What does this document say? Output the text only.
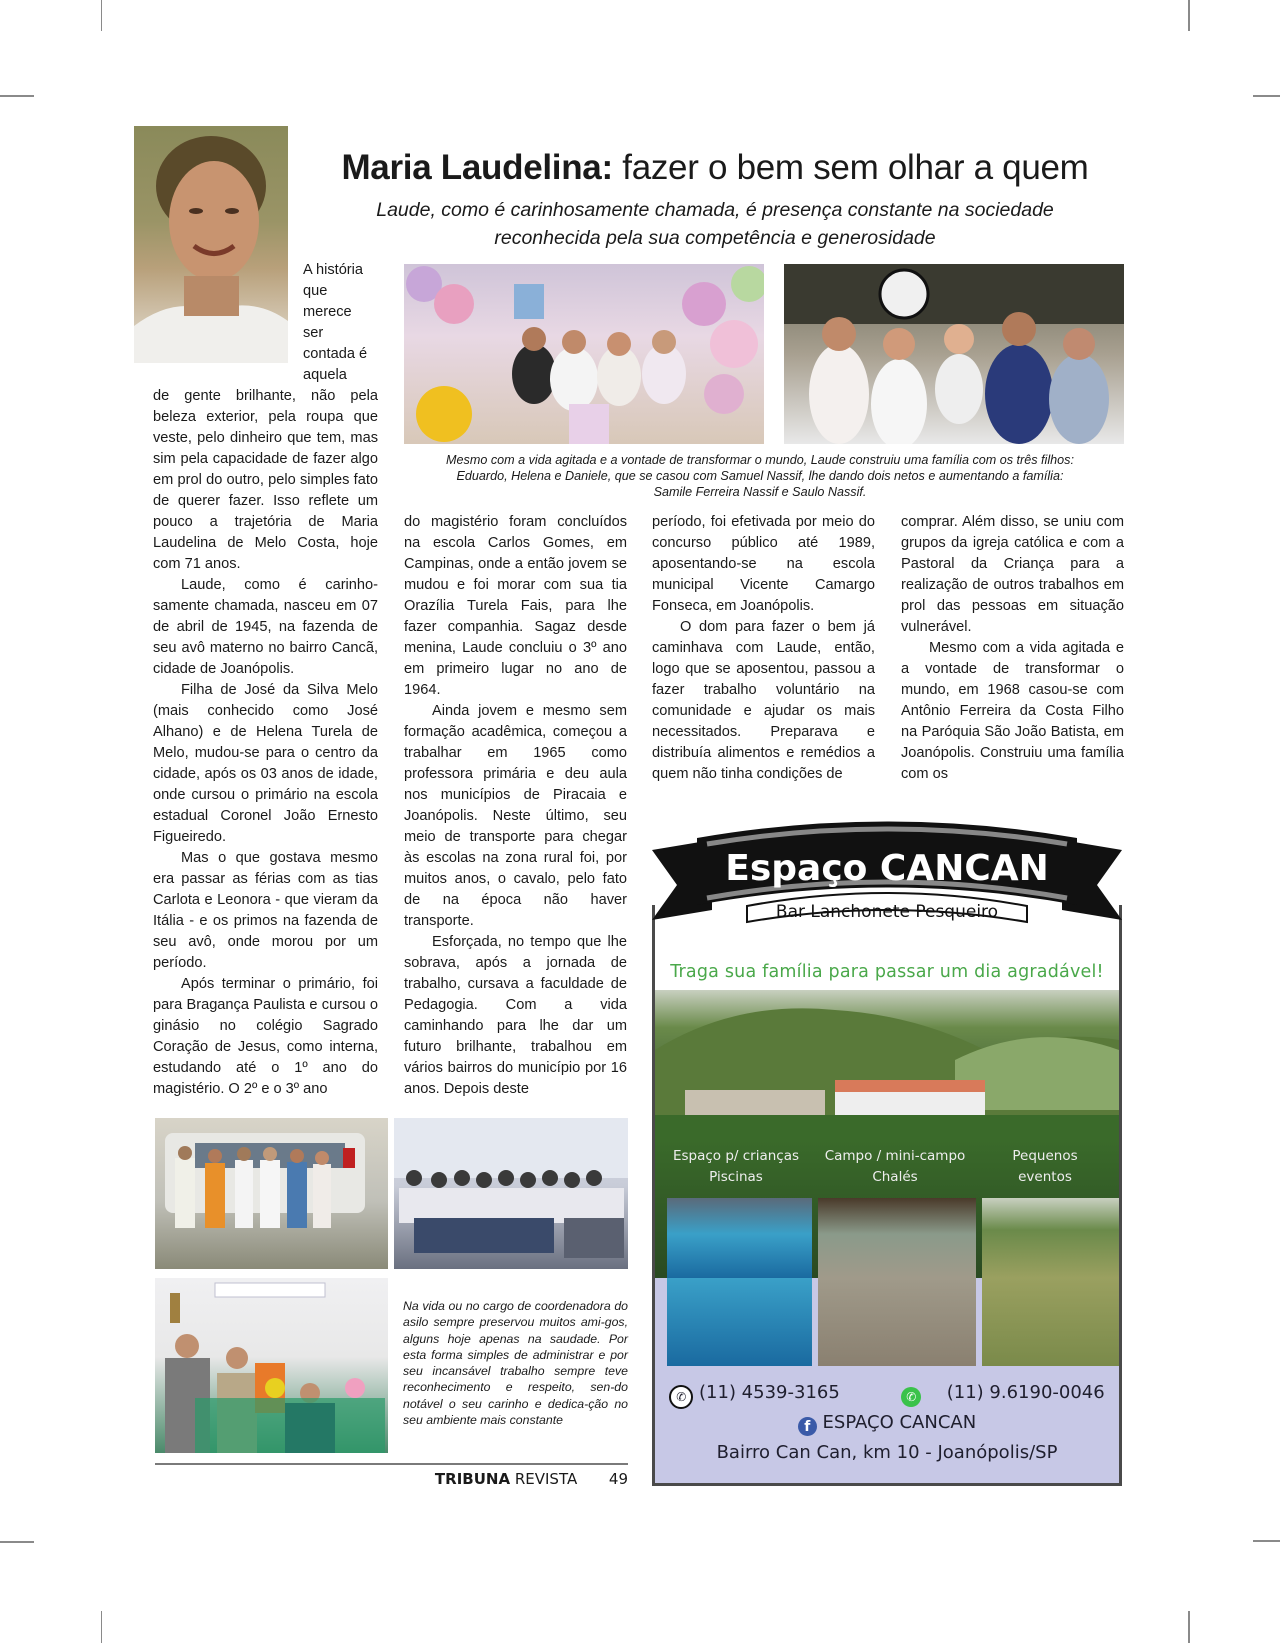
Maria Laudelina: fazer o bem sem olhar a quem
Laude, como é carinhosamente chamada, é presença constante na sociedade
reconhecida pela sua competência e generosidade
A história
que
merece
ser
contada é
aquela

de gente brilhante, não pela beleza exterior, pela roupa que veste, pelo dinheiro que tem, mas sim pela capacidade de fazer algo em prol do outro, pelo simples fato de querer fazer. Isso reflete um pouco a trajetória de Maria Laudelina de Melo Costa, hoje com 71 anos.

Laude, como é carinho-samente chamada, nasceu em 07 de abril de 1945, na fazenda de seu avô materno no bairro Cancã, cidade de Joanópolis.

Filha de José da Silva Melo (mais conhecido como José Alhano) e de Helena Turela de Melo, mudou-se para o centro da cidade, após os 03 anos de idade, onde cursou o primário na escola estadual Coronel João Ernesto Figueiredo.

Mas o que gostava mesmo era passar as férias com as tias Carlota e Leonora - que vieram da Itália - e os primos na fazenda de seu avô, onde morou por um período.

Após terminar o primário, foi para Bragança Paulista e cursou o ginásio no colégio Sagrado Coração de Jesus, como interna, estudando até o 1º ano do magistério. O 2º e o 3º ano

Mesmo com a vida agitada e a vontade de transformar o mundo, Laude construiu uma família com os três filhos:
Eduardo, Helena e Daniele, que se casou com Samuel Nassif, lhe dando dois netos e aumentando a família:
Samile Ferreira Nassif e Saulo Nassif.

do magistério foram concluídos na escola Carlos Gomes, em Campinas, onde a então jovem se mudou e foi morar com sua tia Orazília Turela Fais, para lhe fazer companhia. Sagaz desde menina, Laude concluiu o 3º ano em primeiro lugar no ano de 1964.

Ainda jovem e mesmo sem formação acadêmica, começou a trabalhar em 1965 como professora primária e deu aula nos municípios de Piracaia e Joanópolis. Neste último, seu meio de transporte para chegar às escolas na zona rural foi, por muitos anos, o cavalo, pelo fato de na época não haver transporte.

Esforçada, no tempo que lhe sobrava, após a jornada de trabalho, cursava a faculdade de Pedagogia. Com a vida caminhando para lhe dar um futuro brilhante, trabalhou em vários bairros do município por 16 anos. Depois deste

período, foi efetivada por meio do concurso público até 1989, aposentando-se na escola municipal Vicente Camargo Fonseca, em Joanópolis.

O dom para fazer o bem já caminhava com Laude, então, logo que se aposentou, passou a fazer trabalho voluntário na comunidade e ajudar os mais necessitados. Preparava e distribuía alimentos e remédios a quem não tinha condições de

comprar. Além disso, se uniu com grupos da igreja católica e com a Pastoral da Criança para a realização de outros trabalhos em prol das pessoas em situação vulnerável.

Mesmo com a vida agitada e a vontade de transformar o mundo, em 1968 casou-se com Antônio Ferreira da Costa Filho na Paróquia São João Batista, em Joanópolis. Construiu uma família com os

Na vida ou no cargo de coordenadora do asilo sempre preservou muitos ami-gos, alguns hoje apenas na saudade. Por esta forma simples de administrar e por seu incansável trabalho sempre teve reconhecimento e respeito, sen-do notável o seu carinho e dedica-ção no seu ambiente mais constante
TRIBUNA REVISTA 49
Espaço CANCAN
Bar Lanchonete Pesqueiro
Traga sua família para passar um dia agradável!
Espaço p/ crianças
Piscinas
Campo / mini-campo
Chalés
Pequenos
eventos
✆ (11) 4539-3165	✆ (11) 9.6190-0046
f ESPAÇO CANCAN
Bairro Can Can, km 10 - Joanópolis/SP
